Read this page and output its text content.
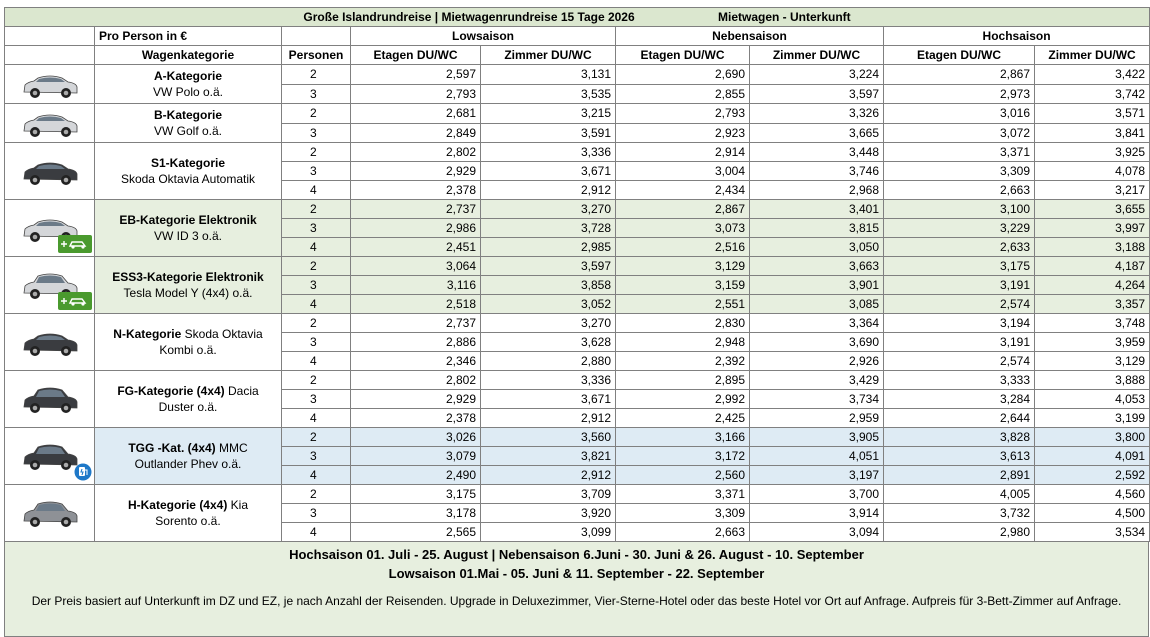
Große Islandrundreise | Mietwagenrundreise 15 Tage 2026 Mietwagen - Unterkunft								
	Pro Person in €		Lowsaison		Nebensaison		Hochsaison	
	Wagenkategorie	Personen	Etagen DU/WC	Zimmer DU/WC	Etagen DU/WC	Zimmer DU/WC	Etagen DU/WC	Zimmer DU/WC

	A-Kategorie
VW Polo o.ä.	2	2,597	3,131	2,690	3,224	2,867	3,422
		3	2,793	3,535	2,855	3,597	2,973	3,742

	B-Kategorie
VW Golf o.ä.	2	2,681	3,215	2,793	3,326	3,016	3,571
		3	2,849	3,591	2,923	3,665	3,072	3,841

	S1-Kategorie
Skoda Oktavia Automatik	2	2,802	3,336	2,914	3,448	3,371	3,925
		3	2,929	3,671	3,004	3,746	3,309	4,078
		4	2,378	2,912	2,434	2,968	2,663	3,217

	EB-Kategorie Elektronik
VW ID 3 o.ä.	2	2,737	3,270	2,867	3,401	3,100	3,655
		3	2,986	3,728	3,073	3,815	3,229	3,997
		4	2,451	2,985	2,516	3,050	2,633	3,188

	ESS3-Kategorie Elektronik
Tesla Model Y (4x4) o.ä.	2	3,064	3,597	3,129	3,663	3,175	4,187
		3	3,116	3,858	3,159	3,901	3,191	4,264
		4	2,518	3,052	2,551	3,085	2,574	3,357

	N-Kategorie Skoda Oktavia
Kombi o.ä.	2	2,737	3,270	2,830	3,364	3,194	3,748
		3	2,886	3,628	2,948	3,690	3,191	3,959
		4	2,346	2,880	2,392	2,926	2,574	3,129

	FG-Kategorie (4x4) Dacia
Duster o.ä.	2	2,802	3,336	2,895	3,429	3,333	3,888
		3	2,929	3,671	2,992	3,734	3,284	4,053
		4	2,378	2,912	2,425	2,959	2,644	3,199

	TGG -Kat. (4x4) MMC
Outlander Phev o.ä.	2	3,026	3,560	3,166	3,905	3,828	3,800
		3	3,079	3,821	3,172	4,051	3,613	4,091
		4	2,490	2,912	2,560	3,197	2,891	2,592

	H-Kategorie (4x4) Kia
Sorento o.ä.	2	3,175	3,709	3,371	3,700	4,005	4,560
		3	3,178	3,920	3,309	3,914	3,732	4,500
		4	2,565	3,099	2,663	3,094	2,980	3,534
Hochsaison 01. Juli - 25. August | Nebensaison 6.Juni - 30. Juni & 26. August - 10. September
Lowsaison 01.Mai - 05. Juni & 11. September - 22. September
Der Preis basiert auf Unterkunft im DZ und EZ, je nach Anzahl der Reisenden. Upgrade in Deluxezimmer, Vier-Sterne-Hotel oder das beste Hotel vor Ort auf Anfrage. Aufpreis für 3-Bett-Zimmer auf Anfrage.
